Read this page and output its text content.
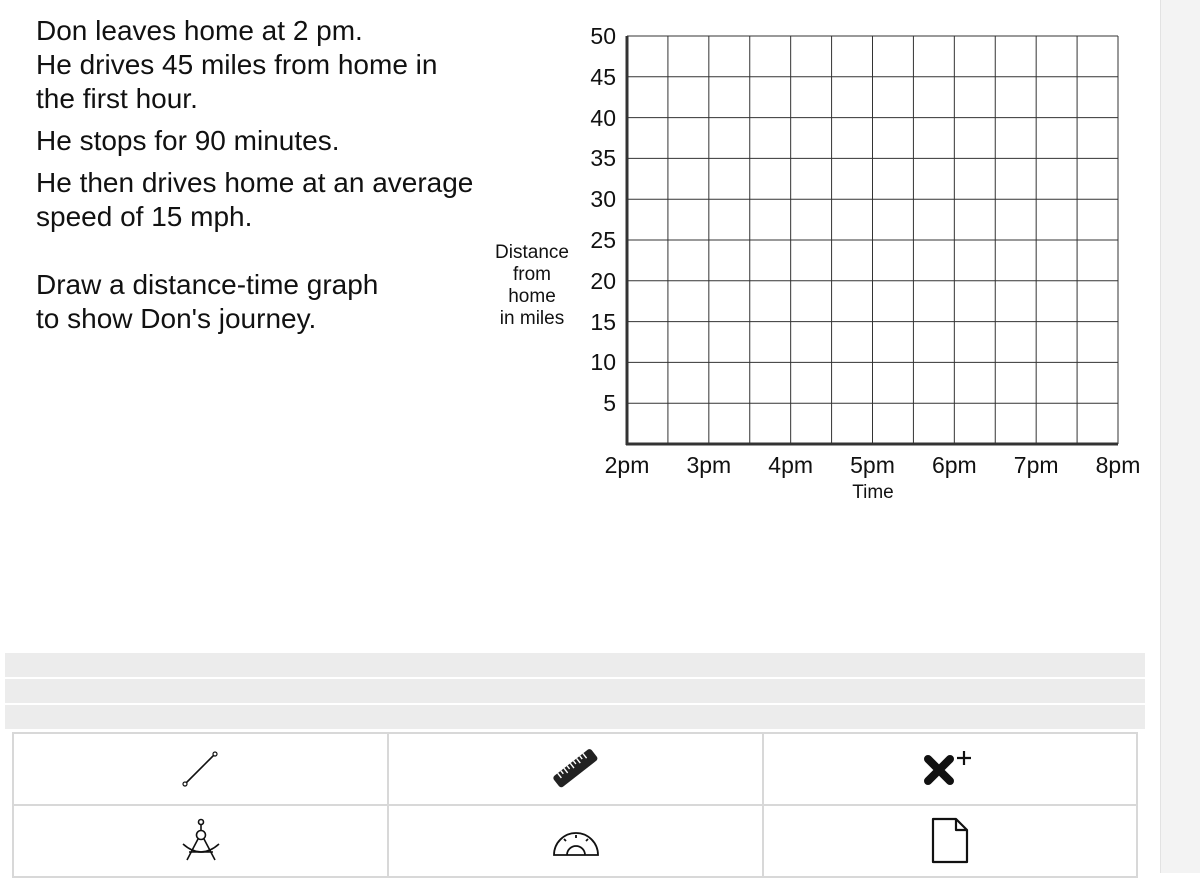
Don leaves home at 2 pm.

He drives 45 miles from home in

the first hour.

He stops for 90 minutes.

He then drives home at an average

speed of 15 mph.

Draw a distance-time graph

to show Don's journey.

Distance
from
home
in miles
5
10
15
20
25
30
35
40
45
50
2pm	3pm	4pm	5pm	6pm	7pm	8pm
Time
